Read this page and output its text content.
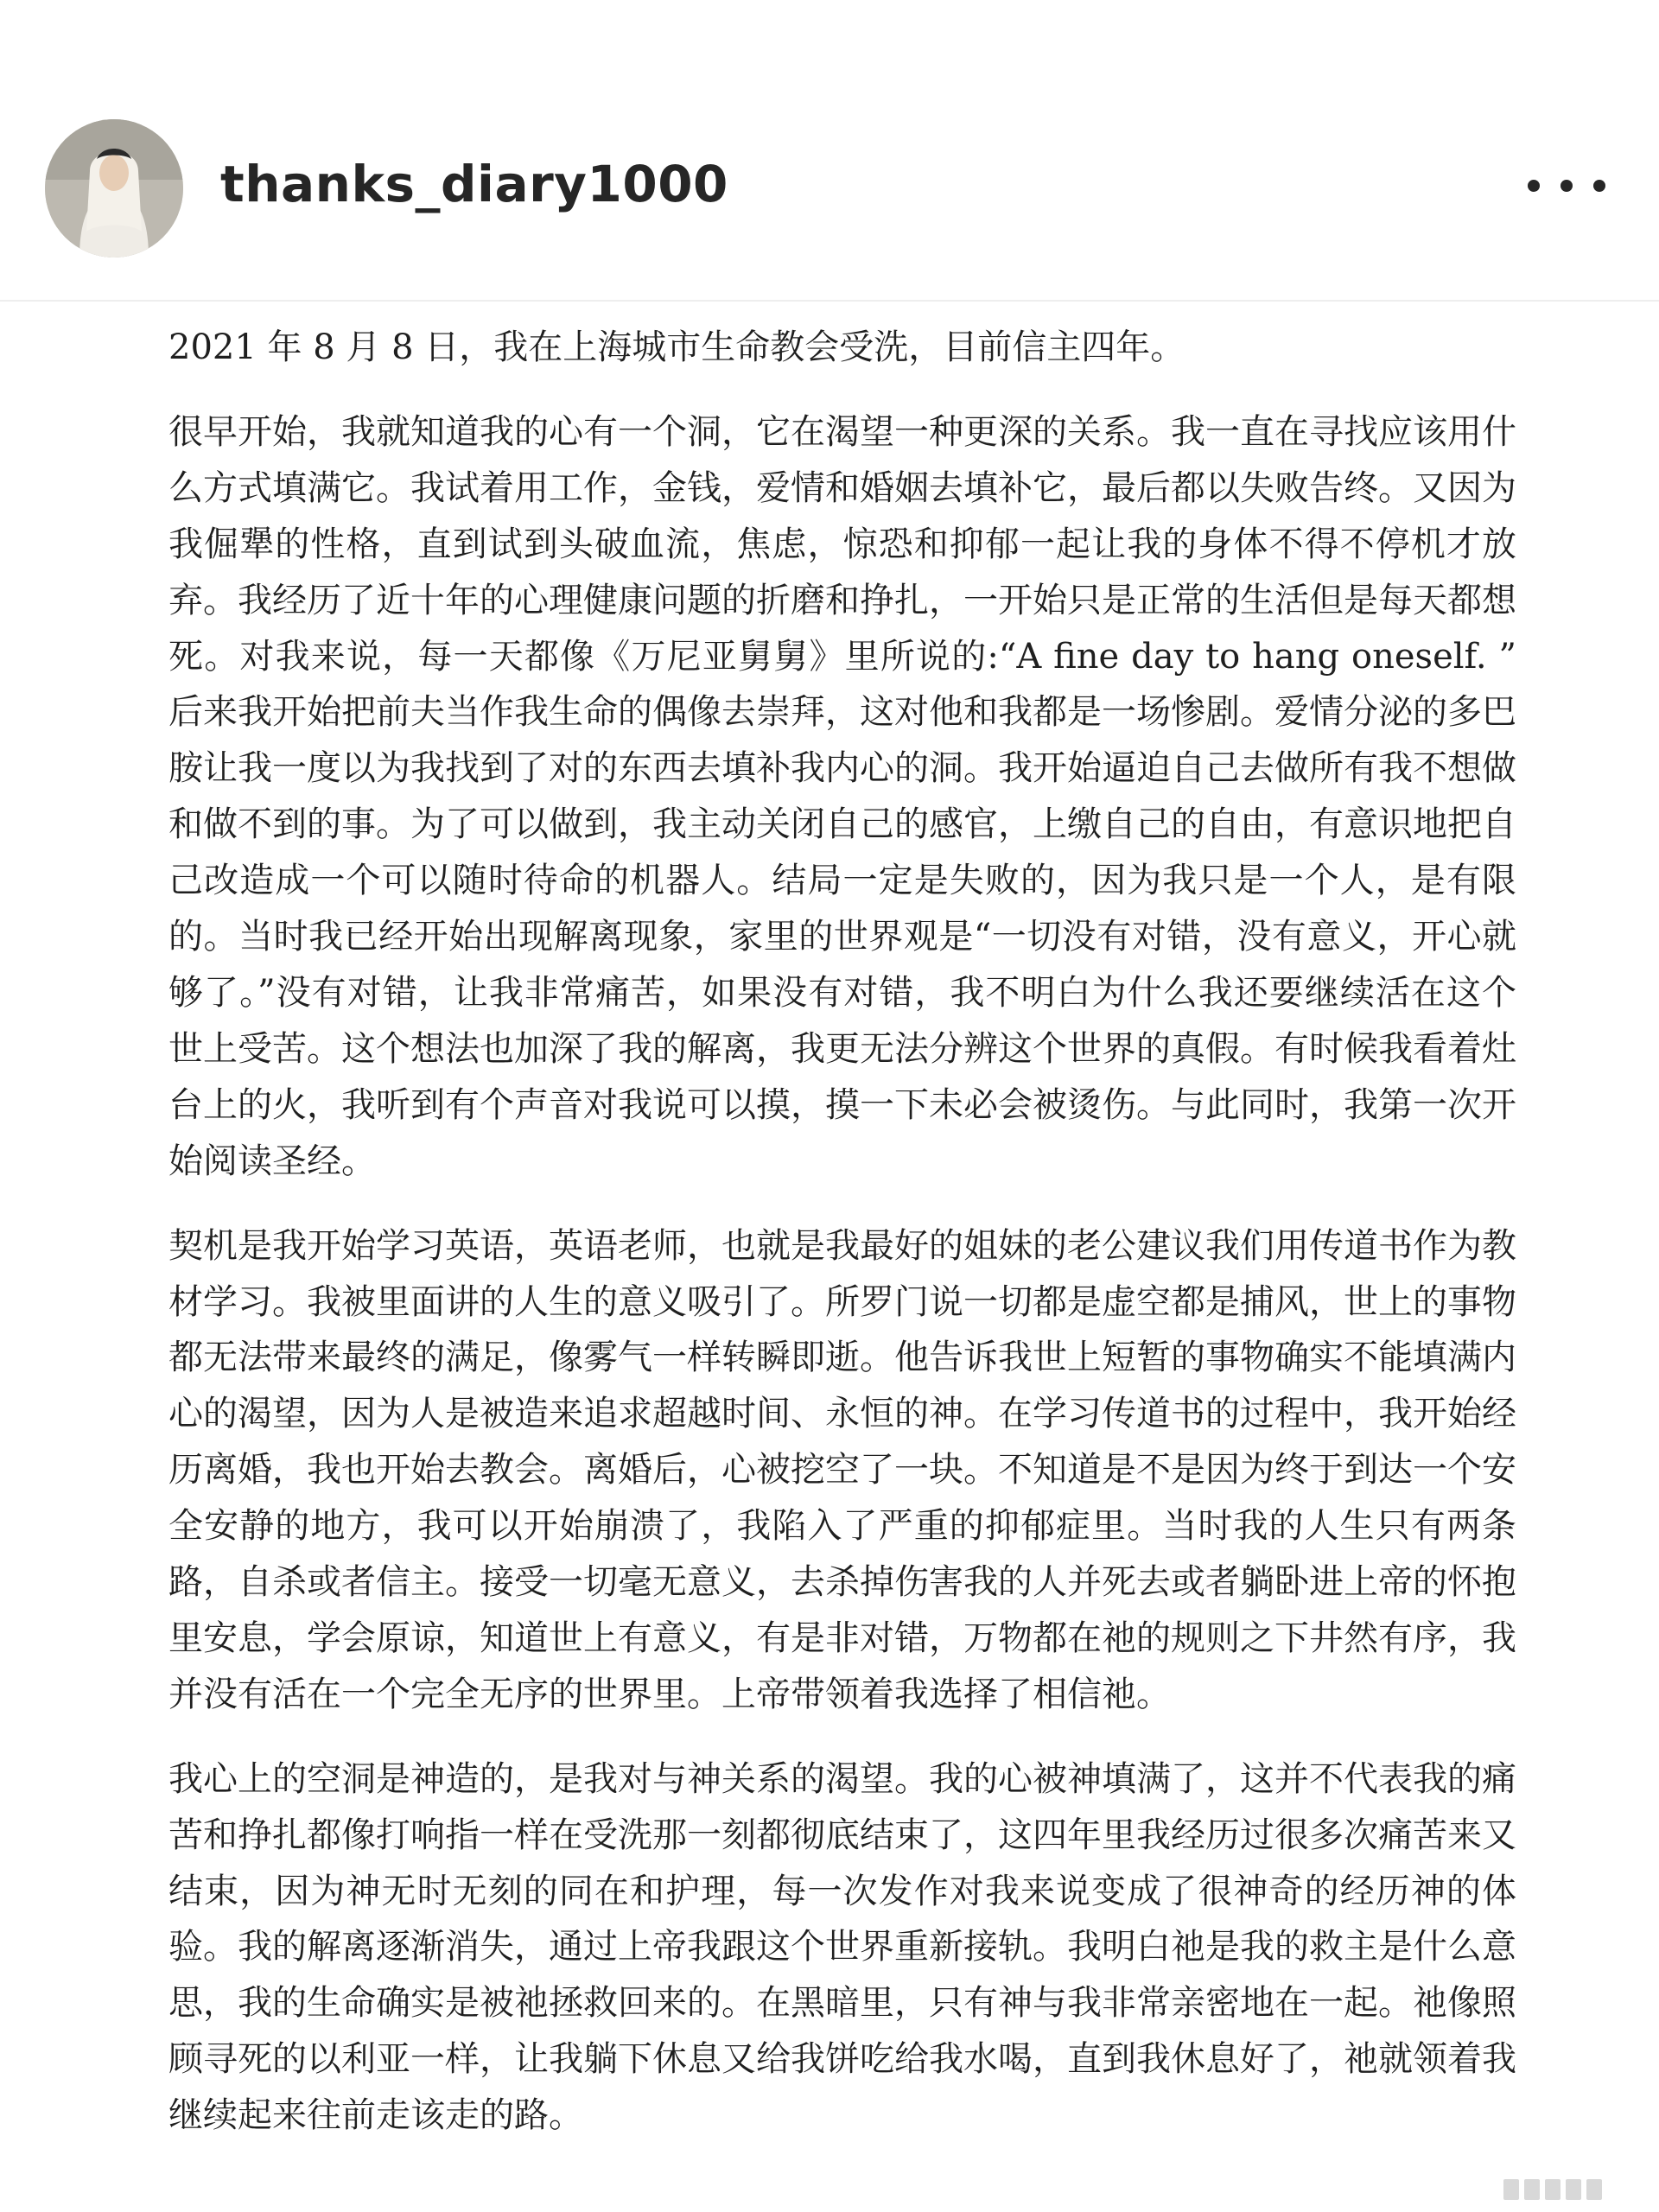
thanks_diary1000

2021 年 8 月 8 日，我在上海城市生命教会受洗，目前信主四年。

很早开始，我就知道我的心有一个洞，它在渴望一种更深的关系。我一直在寻找应该用什么方式填满它。我试着用工作，金钱，爱情和婚姻去填补它，最后都以失败告终。又因为我倔犟的性格，直到试到头破血流，焦虑，惊恐和抑郁一起让我的身体不得不停机才放弃。我经历了近十年的心理健康问题的折磨和挣扎，一开始只是正常的生活但是每天都想死。对我来说，每一天都像《万尼亚舅舅》里所说的:“A fine day to hang oneself. ” 后来我开始把前夫当作我生命的偶像去崇拜，这对他和我都是一场惨剧。爱情分泌的多巴胺让我一度以为我找到了对的东西去填补我内心的洞。我开始逼迫自己去做所有我不想做和做不到的事。为了可以做到，我主动关闭自己的感官，上缴自己的自由，有意识地把自己改造成一个可以随时待命的机器人。结局一定是失败的，因为我只是一个人，是有限的。当时我已经开始出现解离现象，家里的世界观是“一切没有对错，没有意义，开心就够了。”没有对错，让我非常痛苦，如果没有对错，我不明白为什么我还要继续活在这个世上受苦。这个想法也加深了我的解离，我更无法分辨这个世界的真假。有时候我看着灶台上的火，我听到有个声音对我说可以摸，摸一下未必会被烫伤。与此同时，我第一次开始阅读圣经。

契机是我开始学习英语，英语老师，也就是我最好的姐妹的老公建议我们用传道书作为教材学习。我被里面讲的人生的意义吸引了。所罗门说一切都是虚空都是捕风，世上的事物都无法带来最终的满足，像雾气一样转瞬即逝。他告诉我世上短暂的事物确实不能填满内心的渴望，因为人是被造来追求超越时间、永恒的神。在学习传道书的过程中，我开始经历离婚，我也开始去教会。离婚后，心被挖空了一块。不知道是不是因为终于到达一个安全安静的地方，我可以开始崩溃了，我陷入了严重的抑郁症里。当时我的人生只有两条路，自杀或者信主。接受一切毫无意义，去杀掉伤害我的人并死去或者躺卧进上帝的怀抱里安息，学会原谅，知道世上有意义，有是非对错，万物都在祂的规则之下井然有序，我并没有活在一个完全无序的世界里。上帝带领着我选择了相信祂。

我心上的空洞是神造的，是我对与神关系的渴望。我的心被神填满了，这并不代表我的痛苦和挣扎都像打响指一样在受洗那一刻都彻底结束了，这四年里我经历过很多次痛苦来又结束，因为神无时无刻的同在和护理，每一次发作对我来说变成了很神奇的经历神的体验。我的解离逐渐消失，通过上帝我跟这个世界重新接轨。我明白祂是我的救主是什么意思，我的生命确实是被祂拯救回来的。在黑暗里，只有神与我非常亲密地在一起。祂像照顾寻死的以利亚一样，让我躺下休息又给我饼吃给我水喝，直到我休息好了，祂就领着我继续起来往前走该走的路。
